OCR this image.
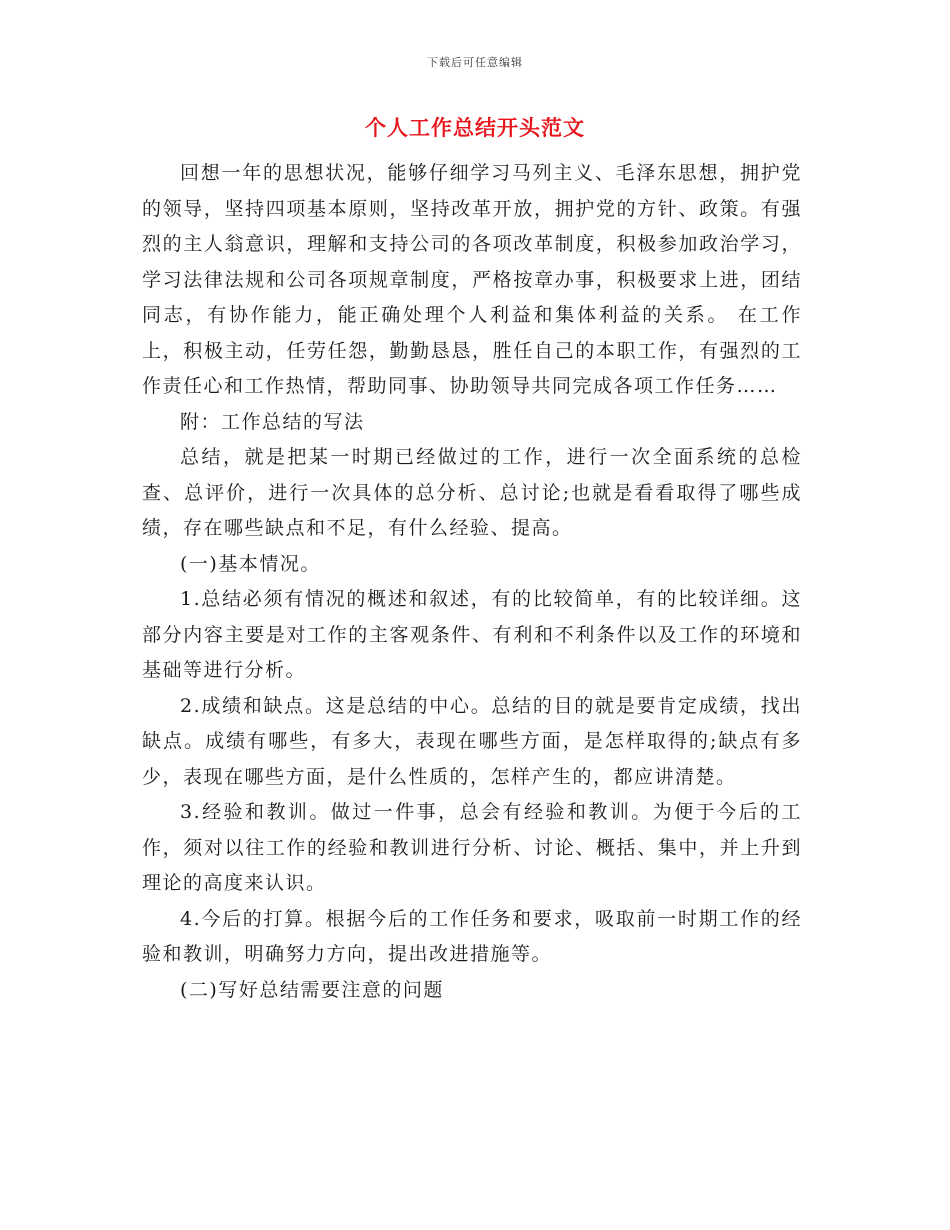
下载后可任意编辑
个人工作总结开头范文

回想一年的思想状况，能够仔细学习马列主义、毛泽东思想，拥护党的领导，坚持四项基本原则，坚持改革开放，拥护党的方针、政策。有强烈的主人翁意识，理解和支持公司的各项改革制度，积极参加政治学习，学习法律法规和公司各项规章制度，严格按章办事，积极要求上进，团结同志，有协作能力，能正确处理个人利益和集体利益的关系。 在工作上，积极主动，任劳任怨，勤勤恳恳，胜任自己的本职工作，有强烈的工作责任心和工作热情，帮助同事、协助领导共同完成各项工作任务……

附：工作总结的写法

总结，就是把某一时期已经做过的工作，进行一次全面系统的总检查、总评价，进行一次具体的总分析、总讨论;也就是看看取得了哪些成绩，存在哪些缺点和不足，有什么经验、提高。

(一)基本情况。

1.总结必须有情况的概述和叙述，有的比较简单，有的比较详细。这部分内容主要是对工作的主客观条件、有利和不利条件以及工作的环境和基础等进行分析。

2.成绩和缺点。这是总结的中心。总结的目的就是要肯定成绩，找出缺点。成绩有哪些，有多大，表现在哪些方面，是怎样取得的;缺点有多少，表现在哪些方面，是什么性质的，怎样产生的，都应讲清楚。

3.经验和教训。做过一件事，总会有经验和教训。为便于今后的工作，须对以往工作的经验和教训进行分析、讨论、概括、集中，并上升到理论的高度来认识。

4.今后的打算。根据今后的工作任务和要求，吸取前一时期工作的经验和教训，明确努力方向，提出改进措施等。

(二)写好总结需要注意的问题
